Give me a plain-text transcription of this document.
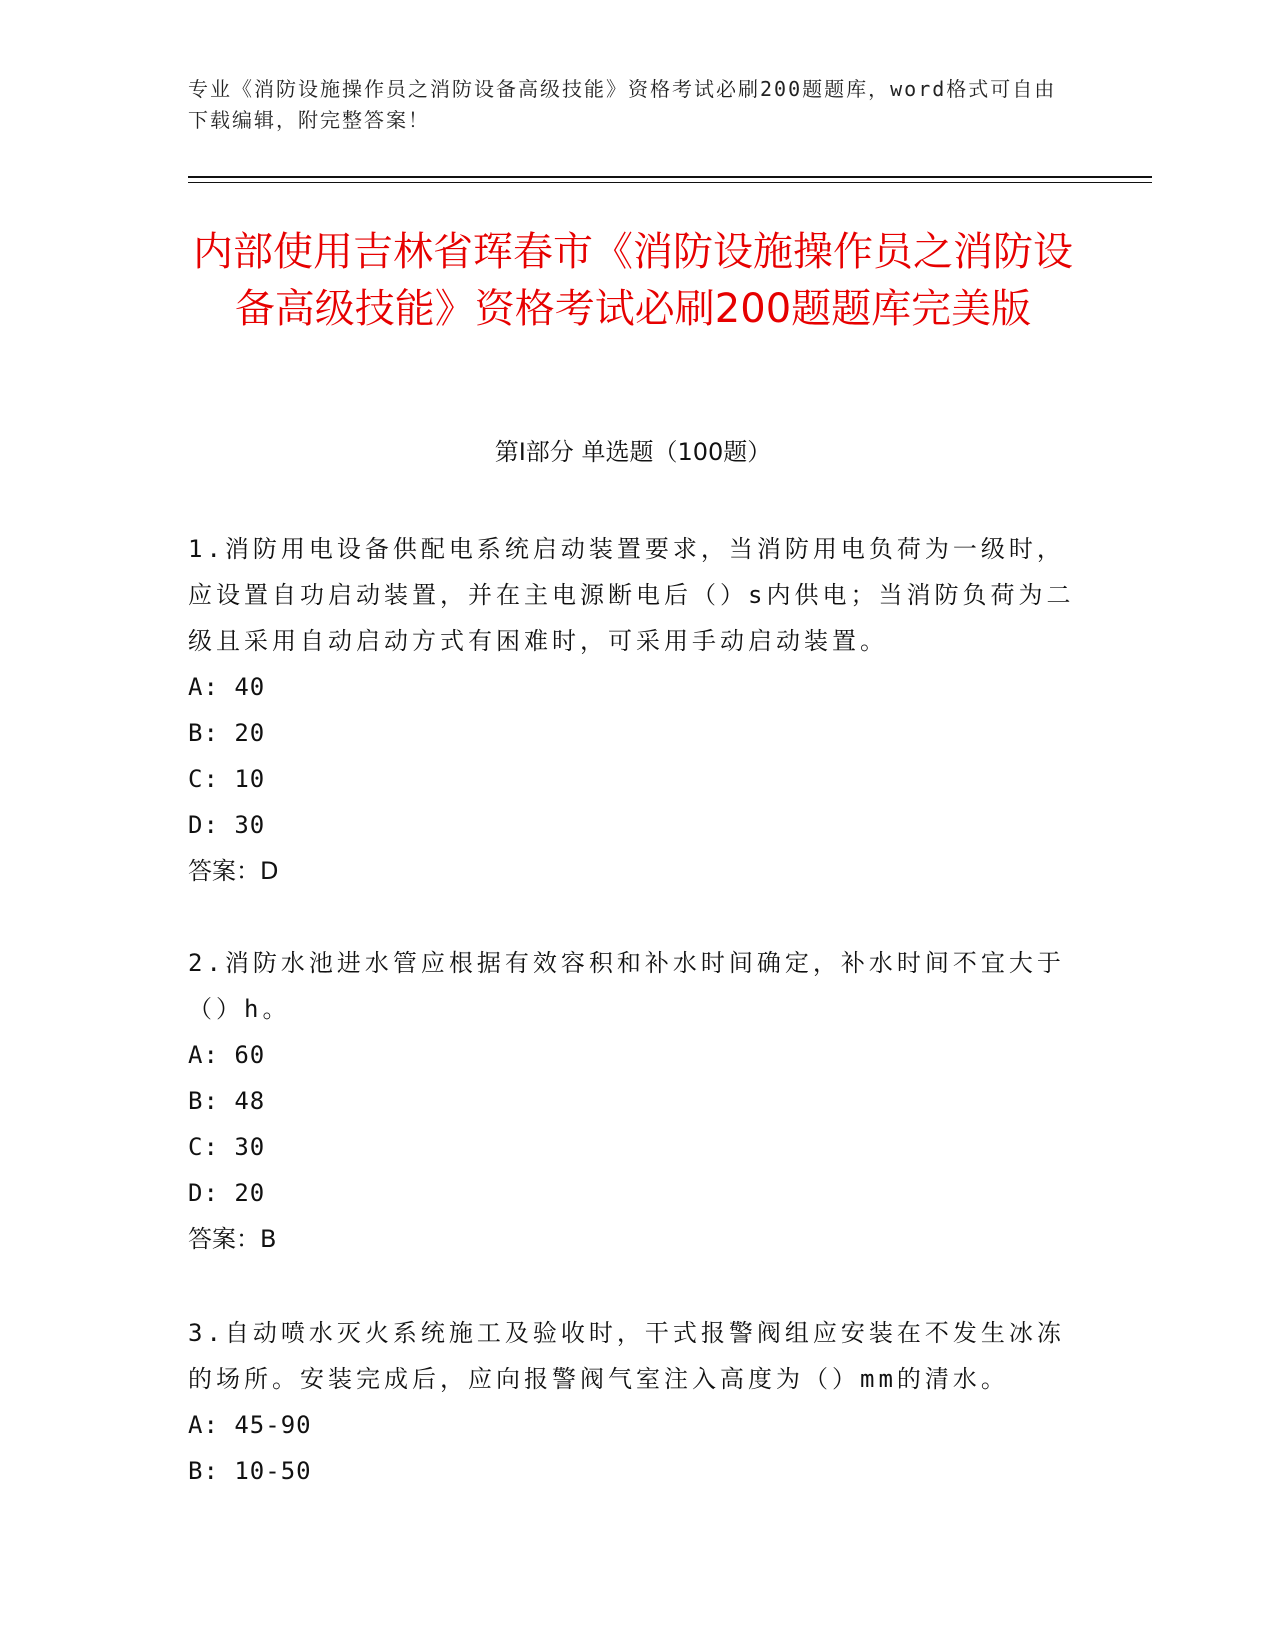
专业《消防设施操作员之消防设备高级技能》资格考试必刷200题题库，word格式可自由下载编辑，附完整答案！
内部使用吉林省珲春市《消防设施操作员之消防设备高级技能》资格考试必刷200题题库完美版
第I部分 单选题（100题）
1.消防用电设备供配电系统启动装置要求，当消防用电负荷为一级时，应设置自功启动装置，并在主电源断电后（）s内供电；当消防负荷为二级且采用自动启动方式有困难时，可采用手动启动装置。
A: 40
B: 20
C: 10
D: 30
答案：D
2.消防水池进水管应根据有效容积和补水时间确定，补水时间不宜大于（）h。
A: 60
B: 48
C: 30
D: 20
答案：B
3.自动喷水灭火系统施工及验收时，干式报警阀组应安装在不发生冰冻的场所。安装完成后，应向报警阀气室注入高度为（）mm的清水。
A: 45-90
B: 10-50
